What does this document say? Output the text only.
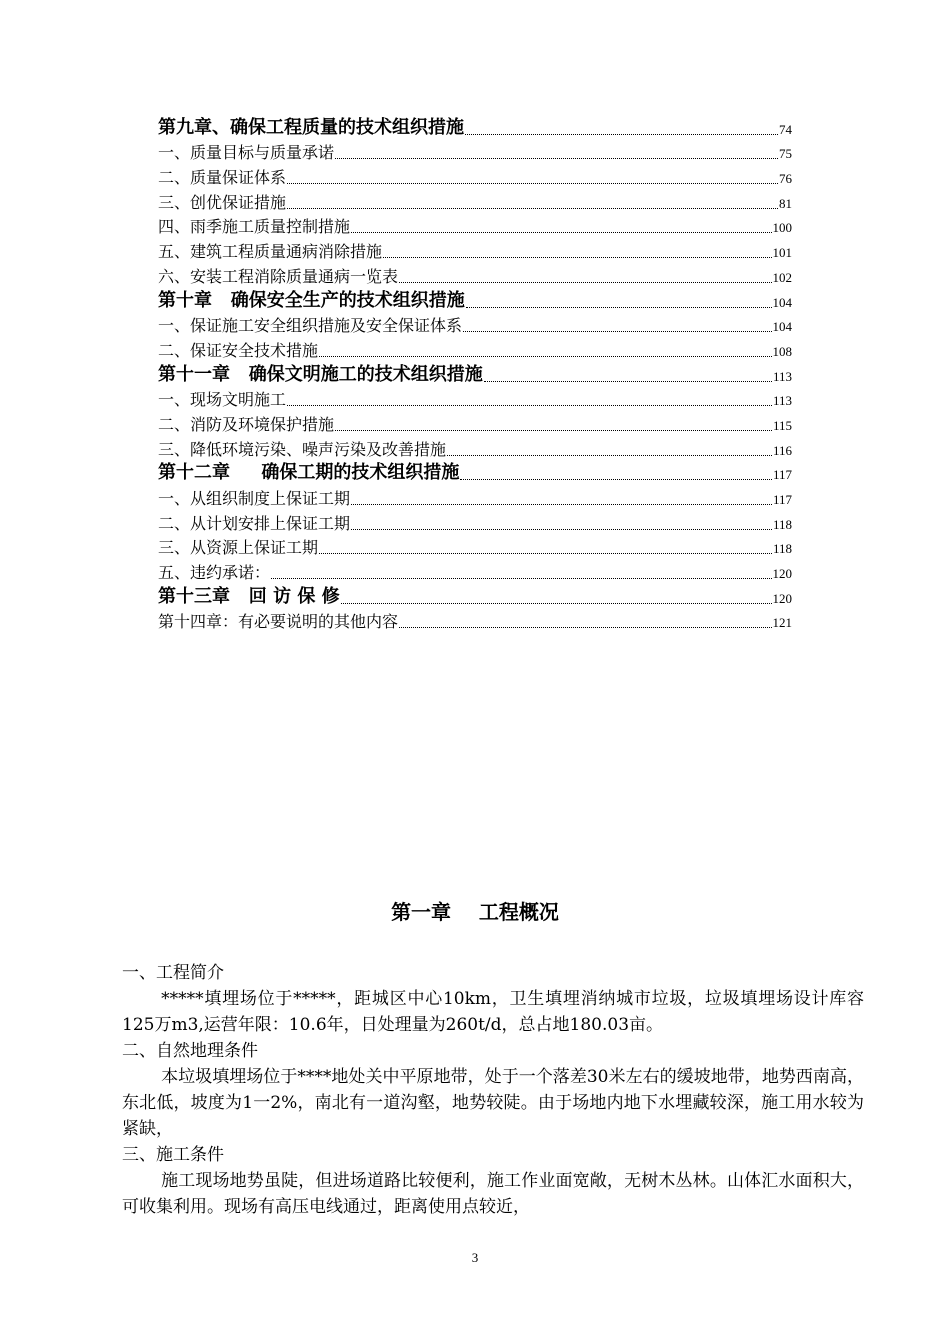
第九章、确保工程质量的技术组织措施	74
一、质量目标与质量承诺	75
二、质量保证体系	76
三、创优保证措施	81
四、雨季施工质量控制措施	100
五、建筑工程质量通病消除措施	101
六、安装工程消除质量通病一览表	102
第十章   确保安全生产的技术组织措施	104
一、保证施工安全组织措施及安全保证体系	104
二、保证安全技术措施	108
第十一章   确保文明施工的技术组织措施	113
一、现场文明施工	113
二、消防及环境保护措施	115
三、降低环境污染、噪声污染及改善措施	116
第十二章     确保工期的技术组织措施	117
一、从组织制度上保证工期	117
二、从计划安排上保证工期	118
三、从资源上保证工期	118
五、违约承诺：	120
第十三章   回 访 保 修	120
第十四章：有必要说明的其他内容	121
第一章    工程概况

一、工程简介

*****填埋场位于*****，距城区中心10km，卫生填埋消纳城市垃圾，垃圾填埋场设计库容125万m3,运营年限：10.6年，日处理量为260t/d，总占地180.03亩。

二、自然地理条件

本垃圾填埋场位于****地处关中平原地带，处于一个落差30米左右的缓坡地带，地势西南高，东北低，坡度为1一2%，南北有一道沟壑，地势较陡。由于场地内地下水埋藏较深，施工用水较为紧缺，

三、施工条件

施工现场地势虽陡，但进场道路比较便利，施工作业面宽敞，无树木丛林。山体汇水面积大，可收集利用。现场有高压电线通过，距离使用点较近，

3
